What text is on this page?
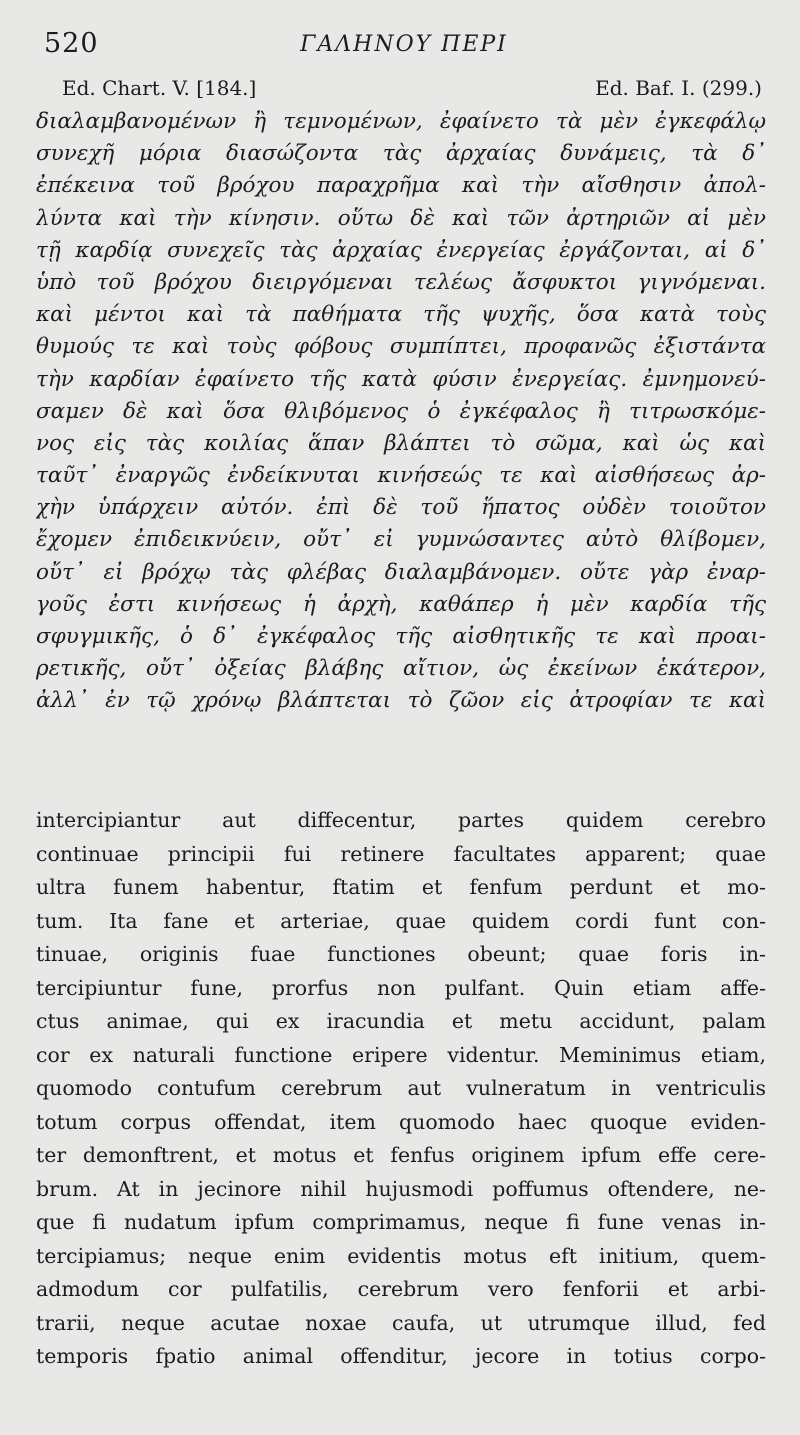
520	ΓΑΛΗΝΟΥ ΠΕΡΙ
Ed. Chart. V. [184.]	Ed. Baf. I. (299.)
διαλαμβανομένων ἢ τεμνομένων, ἐφαίνετο τὰ μὲν ἐγκεφάλῳ
συνεχῆ μόρια διασώζοντα τὰς ἀρχαίας δυνάμεις, τὰ δ᾽
ἐπέκεινα τοῦ βρόχου παραχρῆμα καὶ τὴν αἴσθησιν ἀπολ-
λύντα καὶ τὴν κίνησιν. οὕτω δὲ καὶ τῶν ἀρτηριῶν αἱ μὲν
τῇ καρδίᾳ συνεχεῖς τὰς ἀρχαίας ἐνεργείας ἐργάζονται, αἱ δ᾽
ὑπὸ τοῦ βρόχου διειργόμεναι τελέως ἄσφυκτοι γιγνόμεναι.
καὶ μέντοι καὶ τὰ παθήματα τῆς ψυχῆς, ὅσα κατὰ τοὺς
θυμούς τε καὶ τοὺς φόβους συμπίπτει, προφανῶς ἐξιστάντα
τὴν καρδίαν ἐφαίνετο τῆς κατὰ φύσιν ἐνεργείας. ἐμνημονεύ-
σαμεν δὲ καὶ ὅσα θλιβόμενος ὁ ἐγκέφαλος ἢ τιτρωσκόμε-
νος εἰς τὰς κοιλίας ἅπαν βλάπτει τὸ σῶμα, καὶ ὡς καὶ
ταῦτ᾽ ἐναργῶς ἐνδείκνυται κινήσεώς τε καὶ αἰσθήσεως ἀρ-
χὴν ὑπάρχειν αὐτόν. ἐπὶ δὲ τοῦ ἥπατος οὐδὲν τοιοῦτον
ἔχομεν ἐπιδεικνύειν, οὔτ᾽ εἰ γυμνώσαντες αὐτὸ θλίβομεν,
οὔτ᾽ εἰ βρόχῳ τὰς φλέβας διαλαμβάνομεν. οὔτε γὰρ ἐναρ-
γοῦς ἐστι κινήσεως ἡ ἀρχὴ, καθάπερ ἡ μὲν καρδία τῆς
σφυγμικῆς, ὁ δ᾽ ἐγκέφαλος τῆς αἰσθητικῆς τε καὶ προαι-
ρετικῆς, οὔτ᾽ ὀξείας βλάβης αἴτιον, ὡς ἐκείνων ἑκάτερον,
ἀλλ᾽ ἐν τῷ χρόνῳ βλάπτεται τὸ ζῶον εἰς ἀτροφίαν τε καὶ
intercipiantur aut diffecentur, partes quidem cerebro
continuae principii fui retinere facultates apparent; quae
ultra funem habentur, ftatim et fenfum perdunt et mo-
tum. Ita fane et arteriae, quae quidem cordi funt con-
tinuae, originis fuae functiones obeunt; quae foris in-
tercipiuntur fune, prorfus non pulfant. Quin etiam affe-
ctus animae, qui ex iracundia et metu accidunt, palam
cor ex naturali functione eripere videntur. Meminimus etiam,
quomodo contufum cerebrum aut vulneratum in ventriculis
totum corpus offendat, item quomodo haec quoque eviden-
ter demonftrent, et motus et fenfus originem ipfum effe cere-
brum. At in jecinore nihil hujusmodi poffumus oftendere, ne-
que fi nudatum ipfum comprimamus, neque fi fune venas in-
tercipiamus; neque enim evidentis motus eft initium, quem-
admodum cor pulfatilis, cerebrum vero fenforii et arbi-
trarii, neque acutae noxae caufa, ut utrumque illud, fed
temporis fpatio animal offenditur, jecore in totius corpo-
